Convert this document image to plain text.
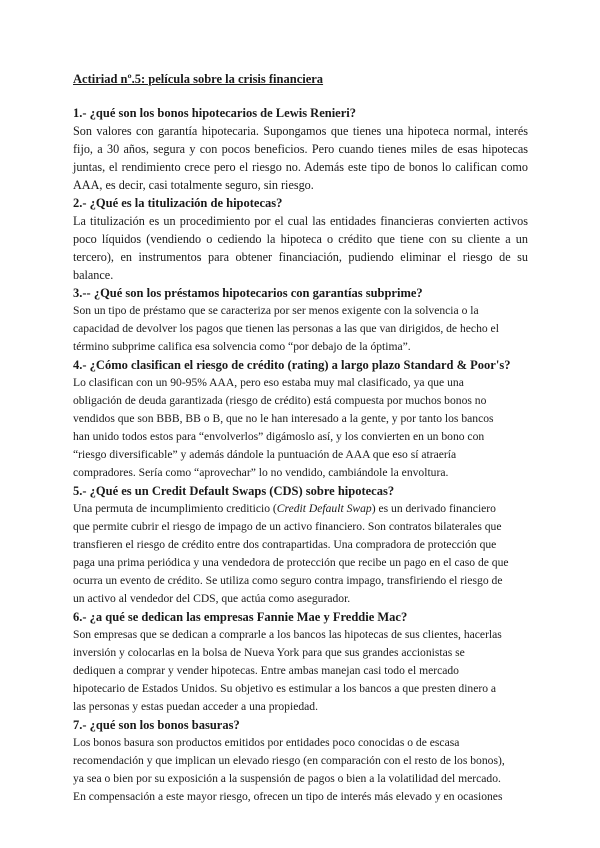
Actiriad nº.5: película sobre la crisis financiera
1.- ¿qué son los bonos hipotecarios de Lewis Renieri?
Son valores con garantía hipotecaria. Supongamos que tienes una hipoteca normal, interés
fijo, a 30 años, segura y con pocos beneficios. Pero cuando tienes miles de esas hipotecas
juntas, el rendimiento crece pero el riesgo no. Además este tipo de bonos lo califican como
AAA, es decir, casi totalmente seguro, sin riesgo.
2.- ¿Qué es la titulización de hipotecas?
La titulización es un procedimiento por el cual las entidades financieras convierten activos
poco líquidos (vendiendo o cediendo la hipoteca o crédito que tiene con su cliente a un
tercero), en instrumentos para obtener financiación, pudiendo eliminar el riesgo de su
balance.
3.-- ¿Qué son los préstamos hipotecarios con garantías subprime?
Son un tipo de préstamo que se caracteriza por ser menos exigente con la solvencia o la
capacidad de devolver los pagos que tienen las personas a las que van dirigidos, de hecho el
término subprime califica esa solvencia como “por debajo de la óptima”.
4.- ¿Cómo clasifican el riesgo de crédito (rating) a largo plazo Standard & Poor's?
Lo clasifican con un 90-95% AAA, pero eso estaba muy mal clasificado, ya que una
obligación de deuda garantizada (riesgo de crédito) está compuesta por muchos bonos no
vendidos que son BBB, BB o B, que no le han interesado a la gente, y por tanto los bancos
han unido todos estos para “envolverlos” digámoslo así, y los convierten en un bono con
“riesgo diversificable” y además dándole la puntuación de AAA que eso sí atraería
compradores. Sería como “aprovechar” lo no vendido, cambiándole la envoltura.
5.- ¿Qué es un Credit Default Swaps (CDS) sobre hipotecas?
Una permuta de incumplimiento crediticio (Credit Default Swap) es un derivado financiero
que permite cubrir el riesgo de impago de un activo financiero. Son contratos bilaterales que
transfieren el riesgo de crédito entre dos contrapartidas. Una compradora de protección que
paga una prima periódica y una vendedora de protección que recibe un pago en el caso de que
ocurra un evento de crédito. Se utiliza como seguro contra impago, transfiriendo el riesgo de
un activo al vendedor del CDS, que actúa como asegurador.
6.- ¿a qué se dedican las empresas Fannie Mae y Freddie Mac?
Son empresas que se dedican a comprarle a los bancos las hipotecas de sus clientes, hacerlas
inversión y colocarlas en la bolsa de Nueva York para que sus grandes accionistas se
dediquen a comprar y vender hipotecas. Entre ambas manejan casi todo el mercado
hipotecario de Estados Unidos. Su objetivo es estimular a los bancos a que presten dinero a
las personas y estas puedan acceder a una propiedad.
7.- ¿qué son los bonos basuras?
Los bonos basura son productos emitidos por entidades poco conocidas o de escasa
recomendación y que implican un elevado riesgo (en comparación con el resto de los bonos),
ya sea o bien por su exposición a la suspensión de pagos o bien a la volatilidad del mercado.
En compensación a este mayor riesgo, ofrecen un tipo de interés más elevado y en ocasiones
